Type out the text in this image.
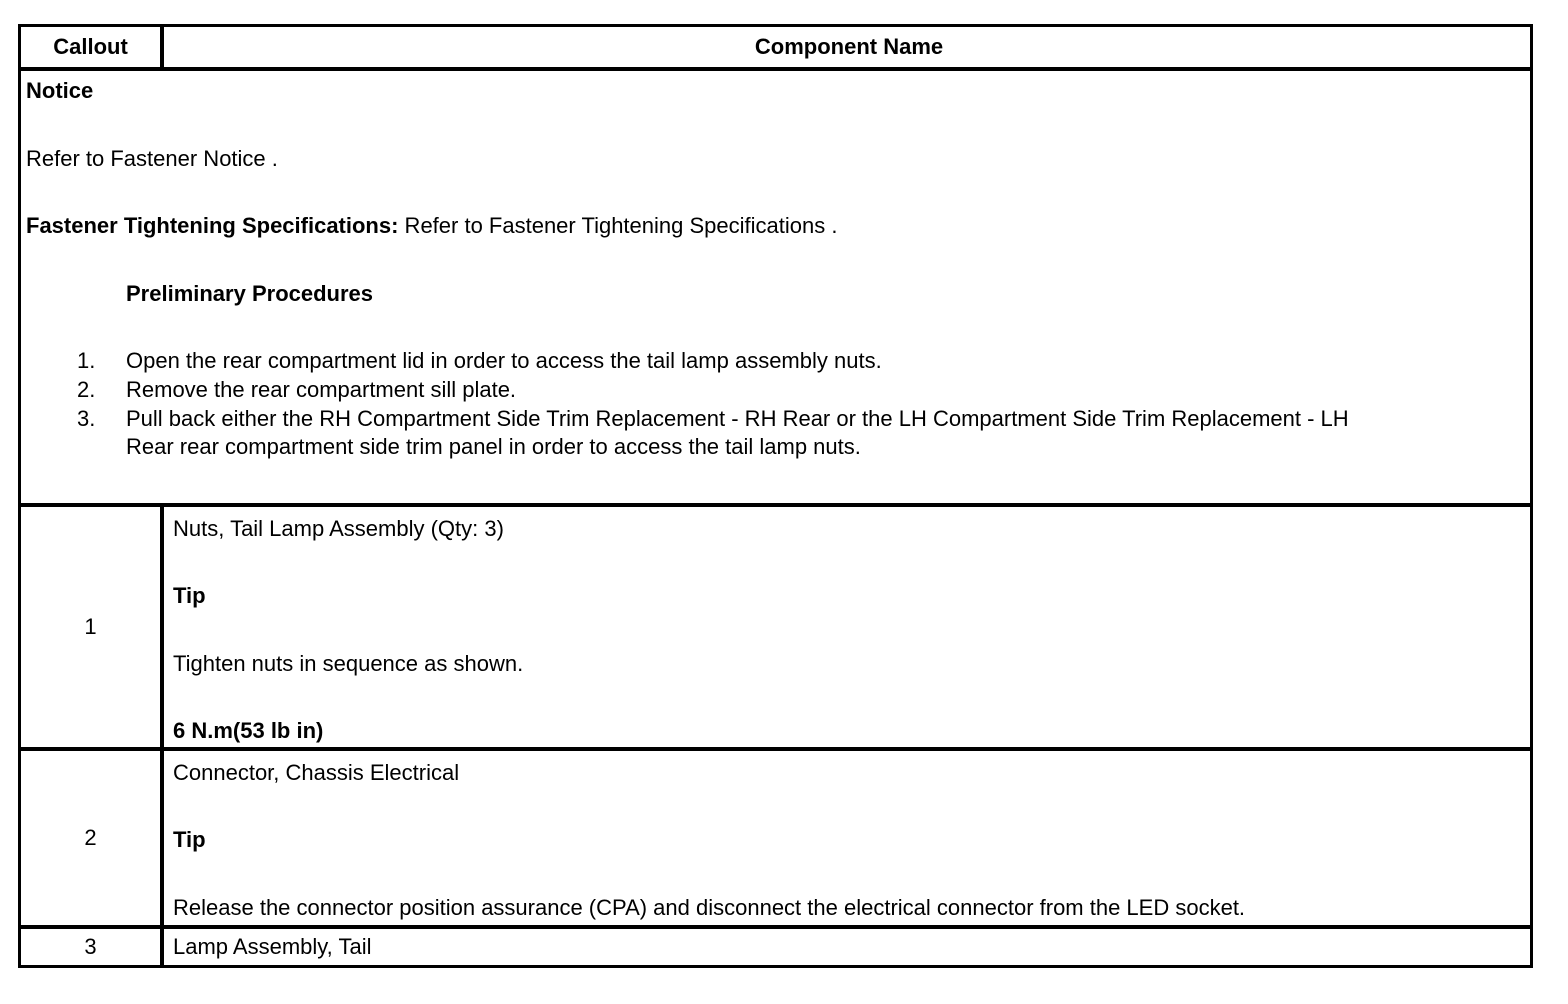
Callout	Component Name
Notice
Refer to Fastener Notice .
Fastener Tightening Specifications: Refer to Fastener Tightening Specifications .
Preliminary Procedures
1. Open the rear compartment lid in order to access the tail lamp assembly nuts.
2. Remove the rear compartment sill plate.
3. Pull back either the RH Compartment Side Trim Replacement - RH Rear or the LH Compartment Side Trim Replacement - LH
Rear rear compartment side trim panel in order to access the tail lamp nuts.
1
Nuts, Tail Lamp Assembly (Qty: 3)
Tip
Tighten nuts in sequence as shown.
6 N.m(53 lb in)
2
Connector, Chassis Electrical
Tip
Release the connector position assurance (CPA) and disconnect the electrical connector from the LED socket.
3	Lamp Assembly, Tail
